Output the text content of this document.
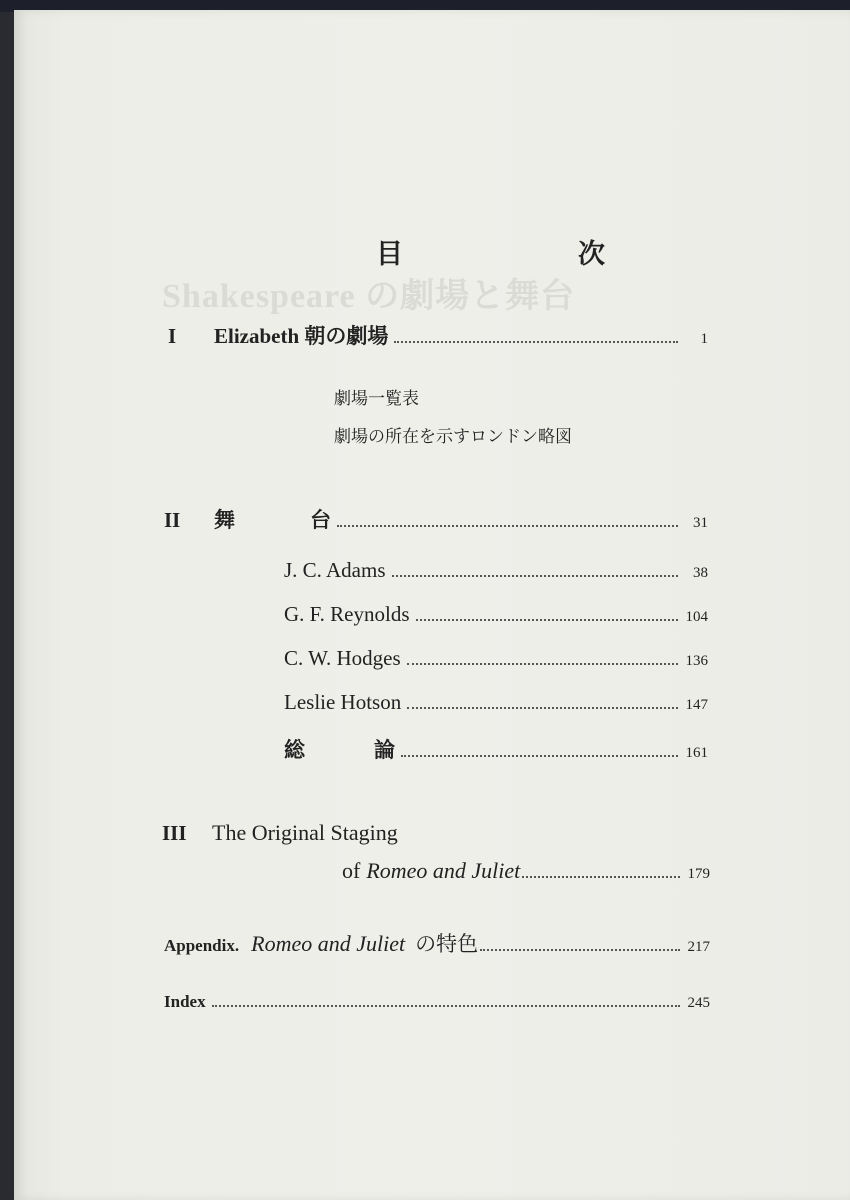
Shakespeare の劇場と舞台
目　次
I	Elizabeth 朝の劇場	1
劇場一覧表
劇場の所在を示すロンドン略図
II	舞	台	31
J. C. Adams	38
G. F. Reynolds	104
C. W. Hodges	136
Leslie Hotson	147
総	論	161
III	The Original Staging
of Romeo and Juliet	179
Appendix. Romeo and Juliet の特色	217
Index	245
